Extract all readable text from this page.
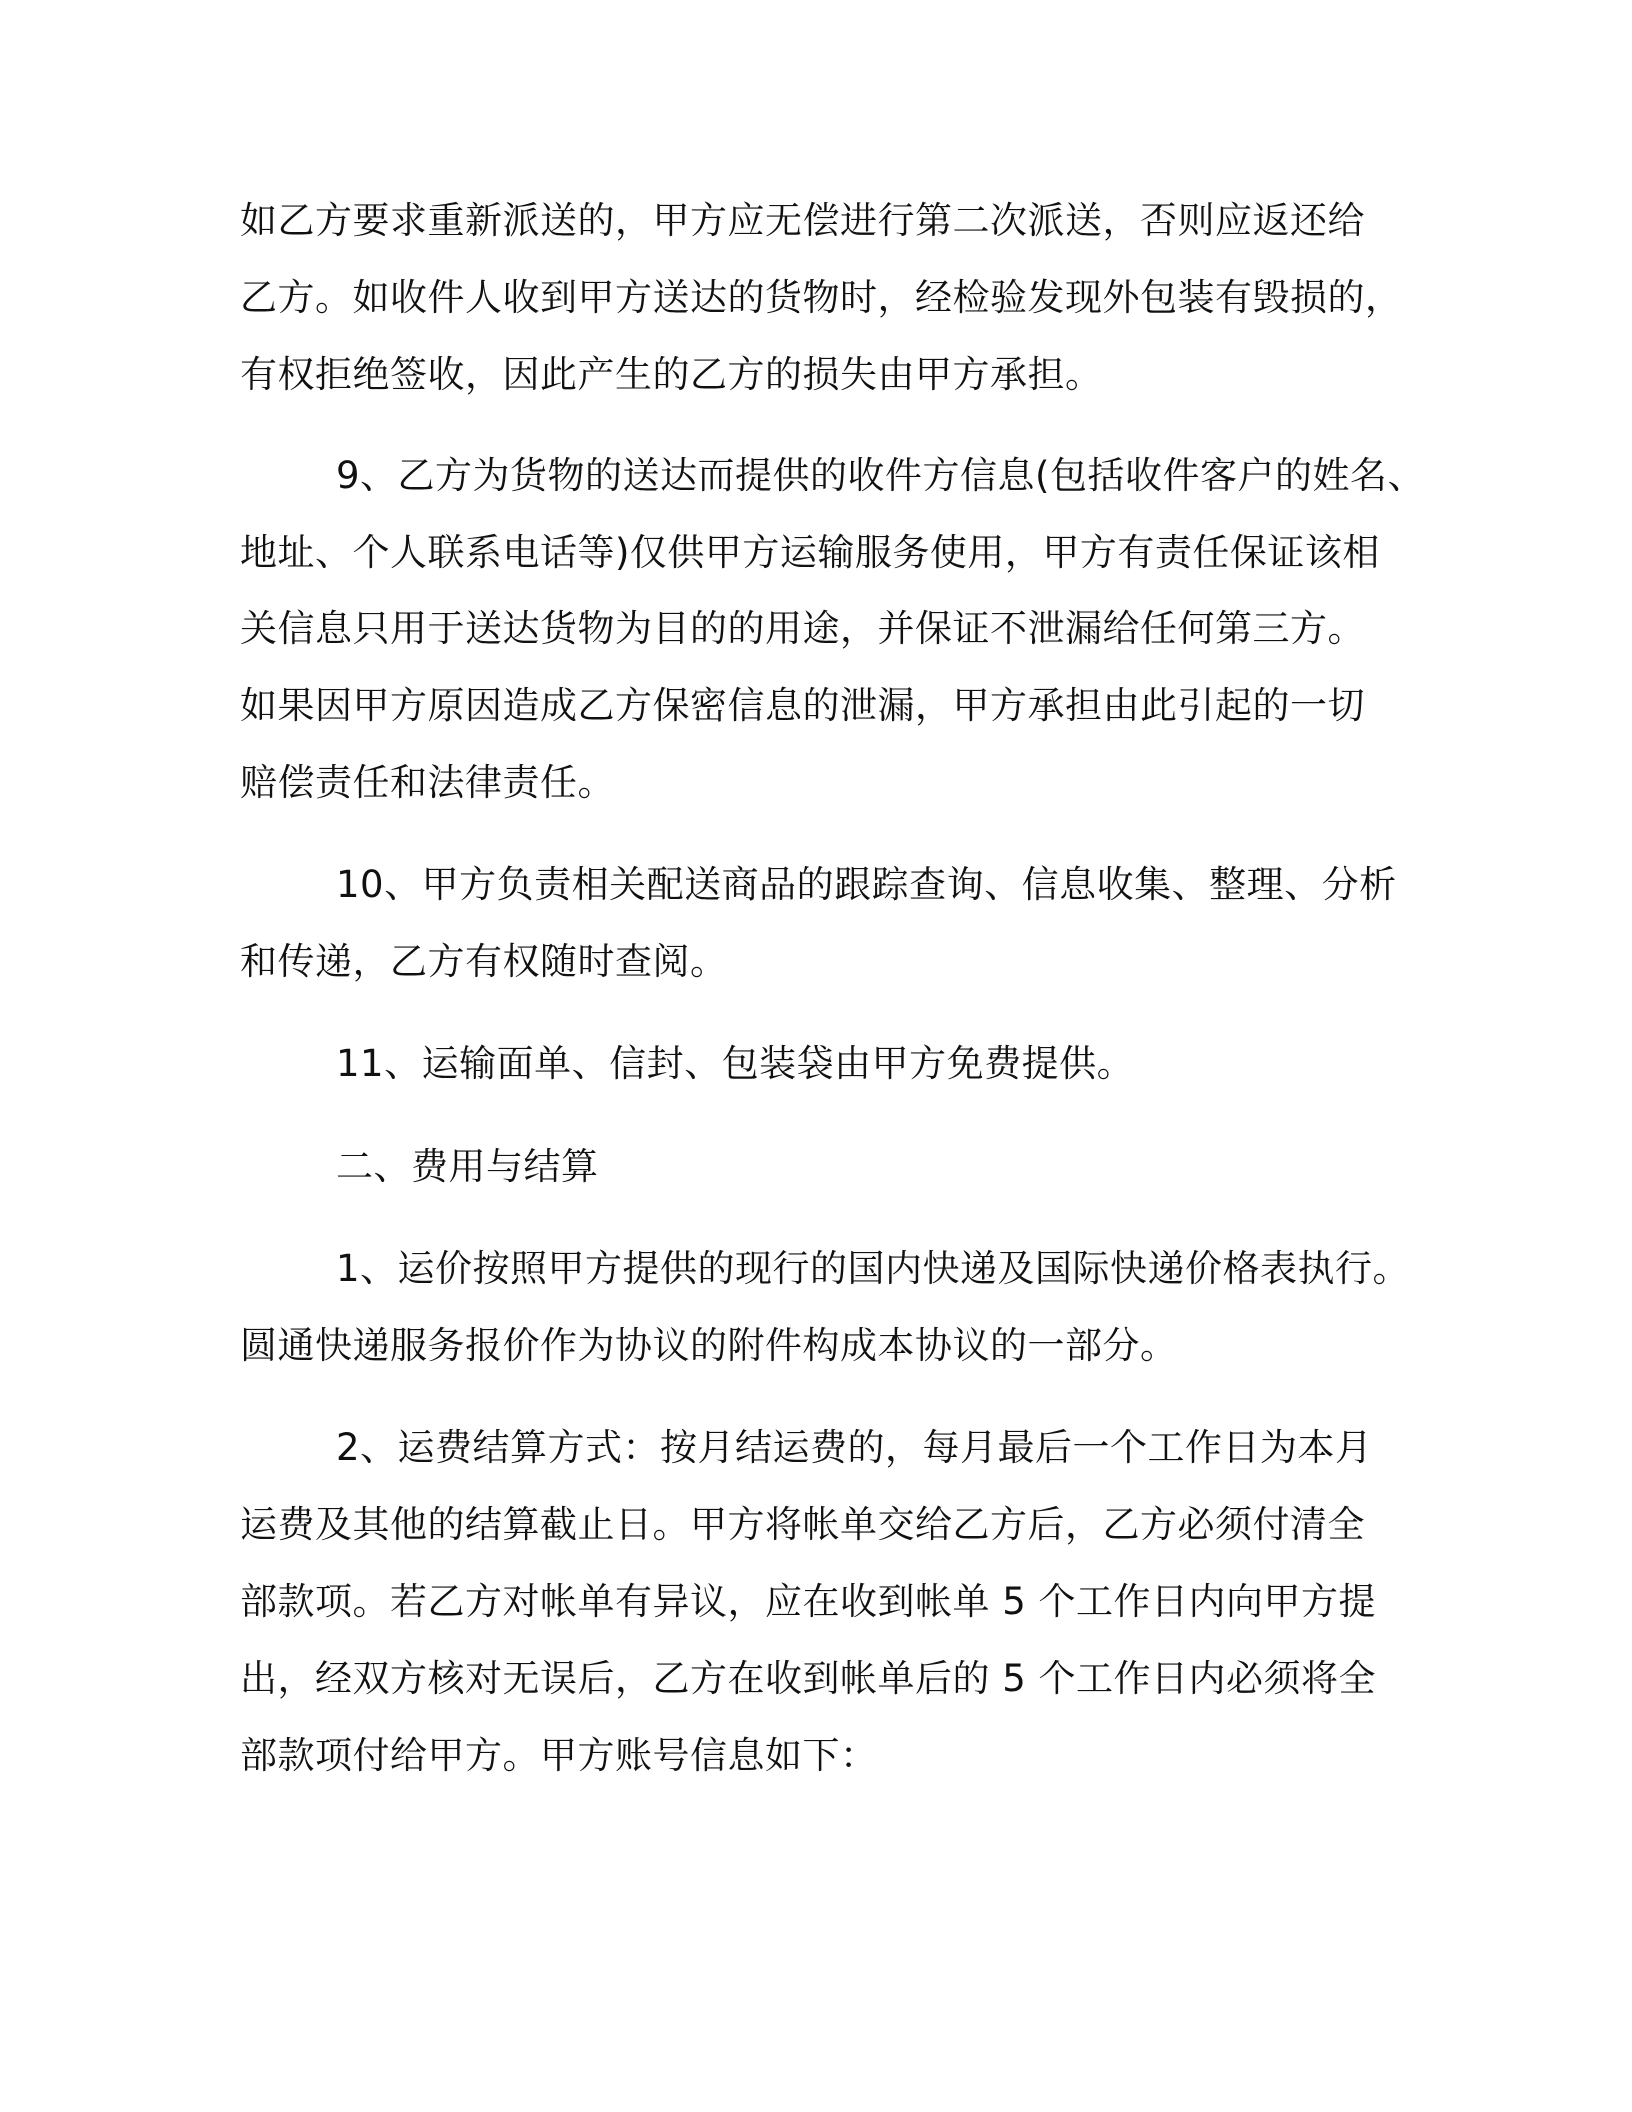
如乙方要求重新派送的，甲方应无偿进行第二次派送，否则应返还给

乙方。如收件人收到甲方送达的货物时，经检验发现外包装有毁损的，

有权拒绝签收，因此产生的乙方的损失由甲方承担。

9、乙方为货物的送达而提供的收件方信息(包括收件客户的姓名、

地址、个人联系电话等)仅供甲方运输服务使用，甲方有责任保证该相

关信息只用于送达货物为目的的用途，并保证不泄漏给任何第三方。

如果因甲方原因造成乙方保密信息的泄漏，甲方承担由此引起的一切

赔偿责任和法律责任。

10、甲方负责相关配送商品的跟踪查询、信息收集、整理、分析

和传递，乙方有权随时查阅。

11、运输面单、信封、包装袋由甲方免费提供。

二、费用与结算

1、运价按照甲方提供的现行的国内快递及国际快递价格表执行。

圆通快递服务报价作为协议的附件构成本协议的一部分。

2、运费结算方式：按月结运费的，每月最后一个工作日为本月

运费及其他的结算截止日。甲方将帐单交给乙方后，乙方必须付清全

部款项。若乙方对帐单有异议，应在收到帐单 5 个工作日内向甲方提

出，经双方核对无误后，乙方在收到帐单后的 5 个工作日内必须将全

部款项付给甲方。甲方账号信息如下：
